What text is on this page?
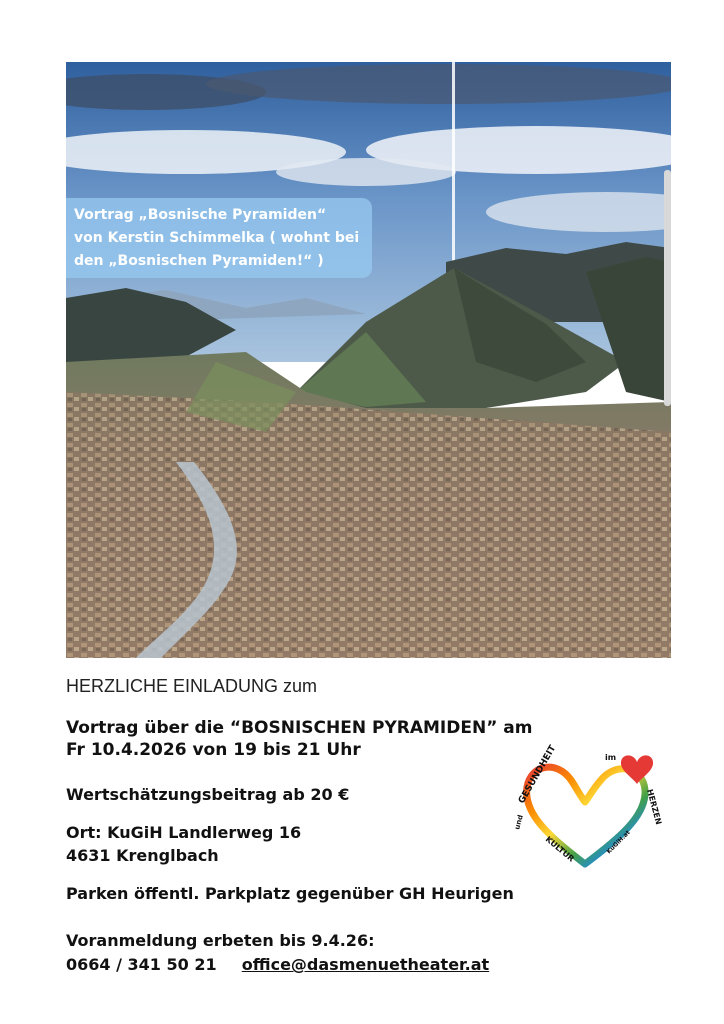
Vortrag „Bosnische Pyramiden“
von Kerstin Schimmelka ( wohnt bei
den „Bosnischen Pyramiden!“ )
HERZLICHE EINLADUNG zum
Vortrag über die “BOSNISCHEN PYRAMIDEN” am
Fr 10.4.2026 von 19 bis 21 Uhr
Wertschätzungsbeitrag ab 20 €
Ort: KuGiH Landlerweg 16
4631 Krenglbach
Parken öffentl. Parkplatz gegenüber GH Heurigen
Voranmeldung erbeten bis 9.4.26:
0664 / 341 50 21 office@dasmenuetheater.at
GESUNDHEIT	im
HERZEN
und
KULTUR	KuGiH.at
